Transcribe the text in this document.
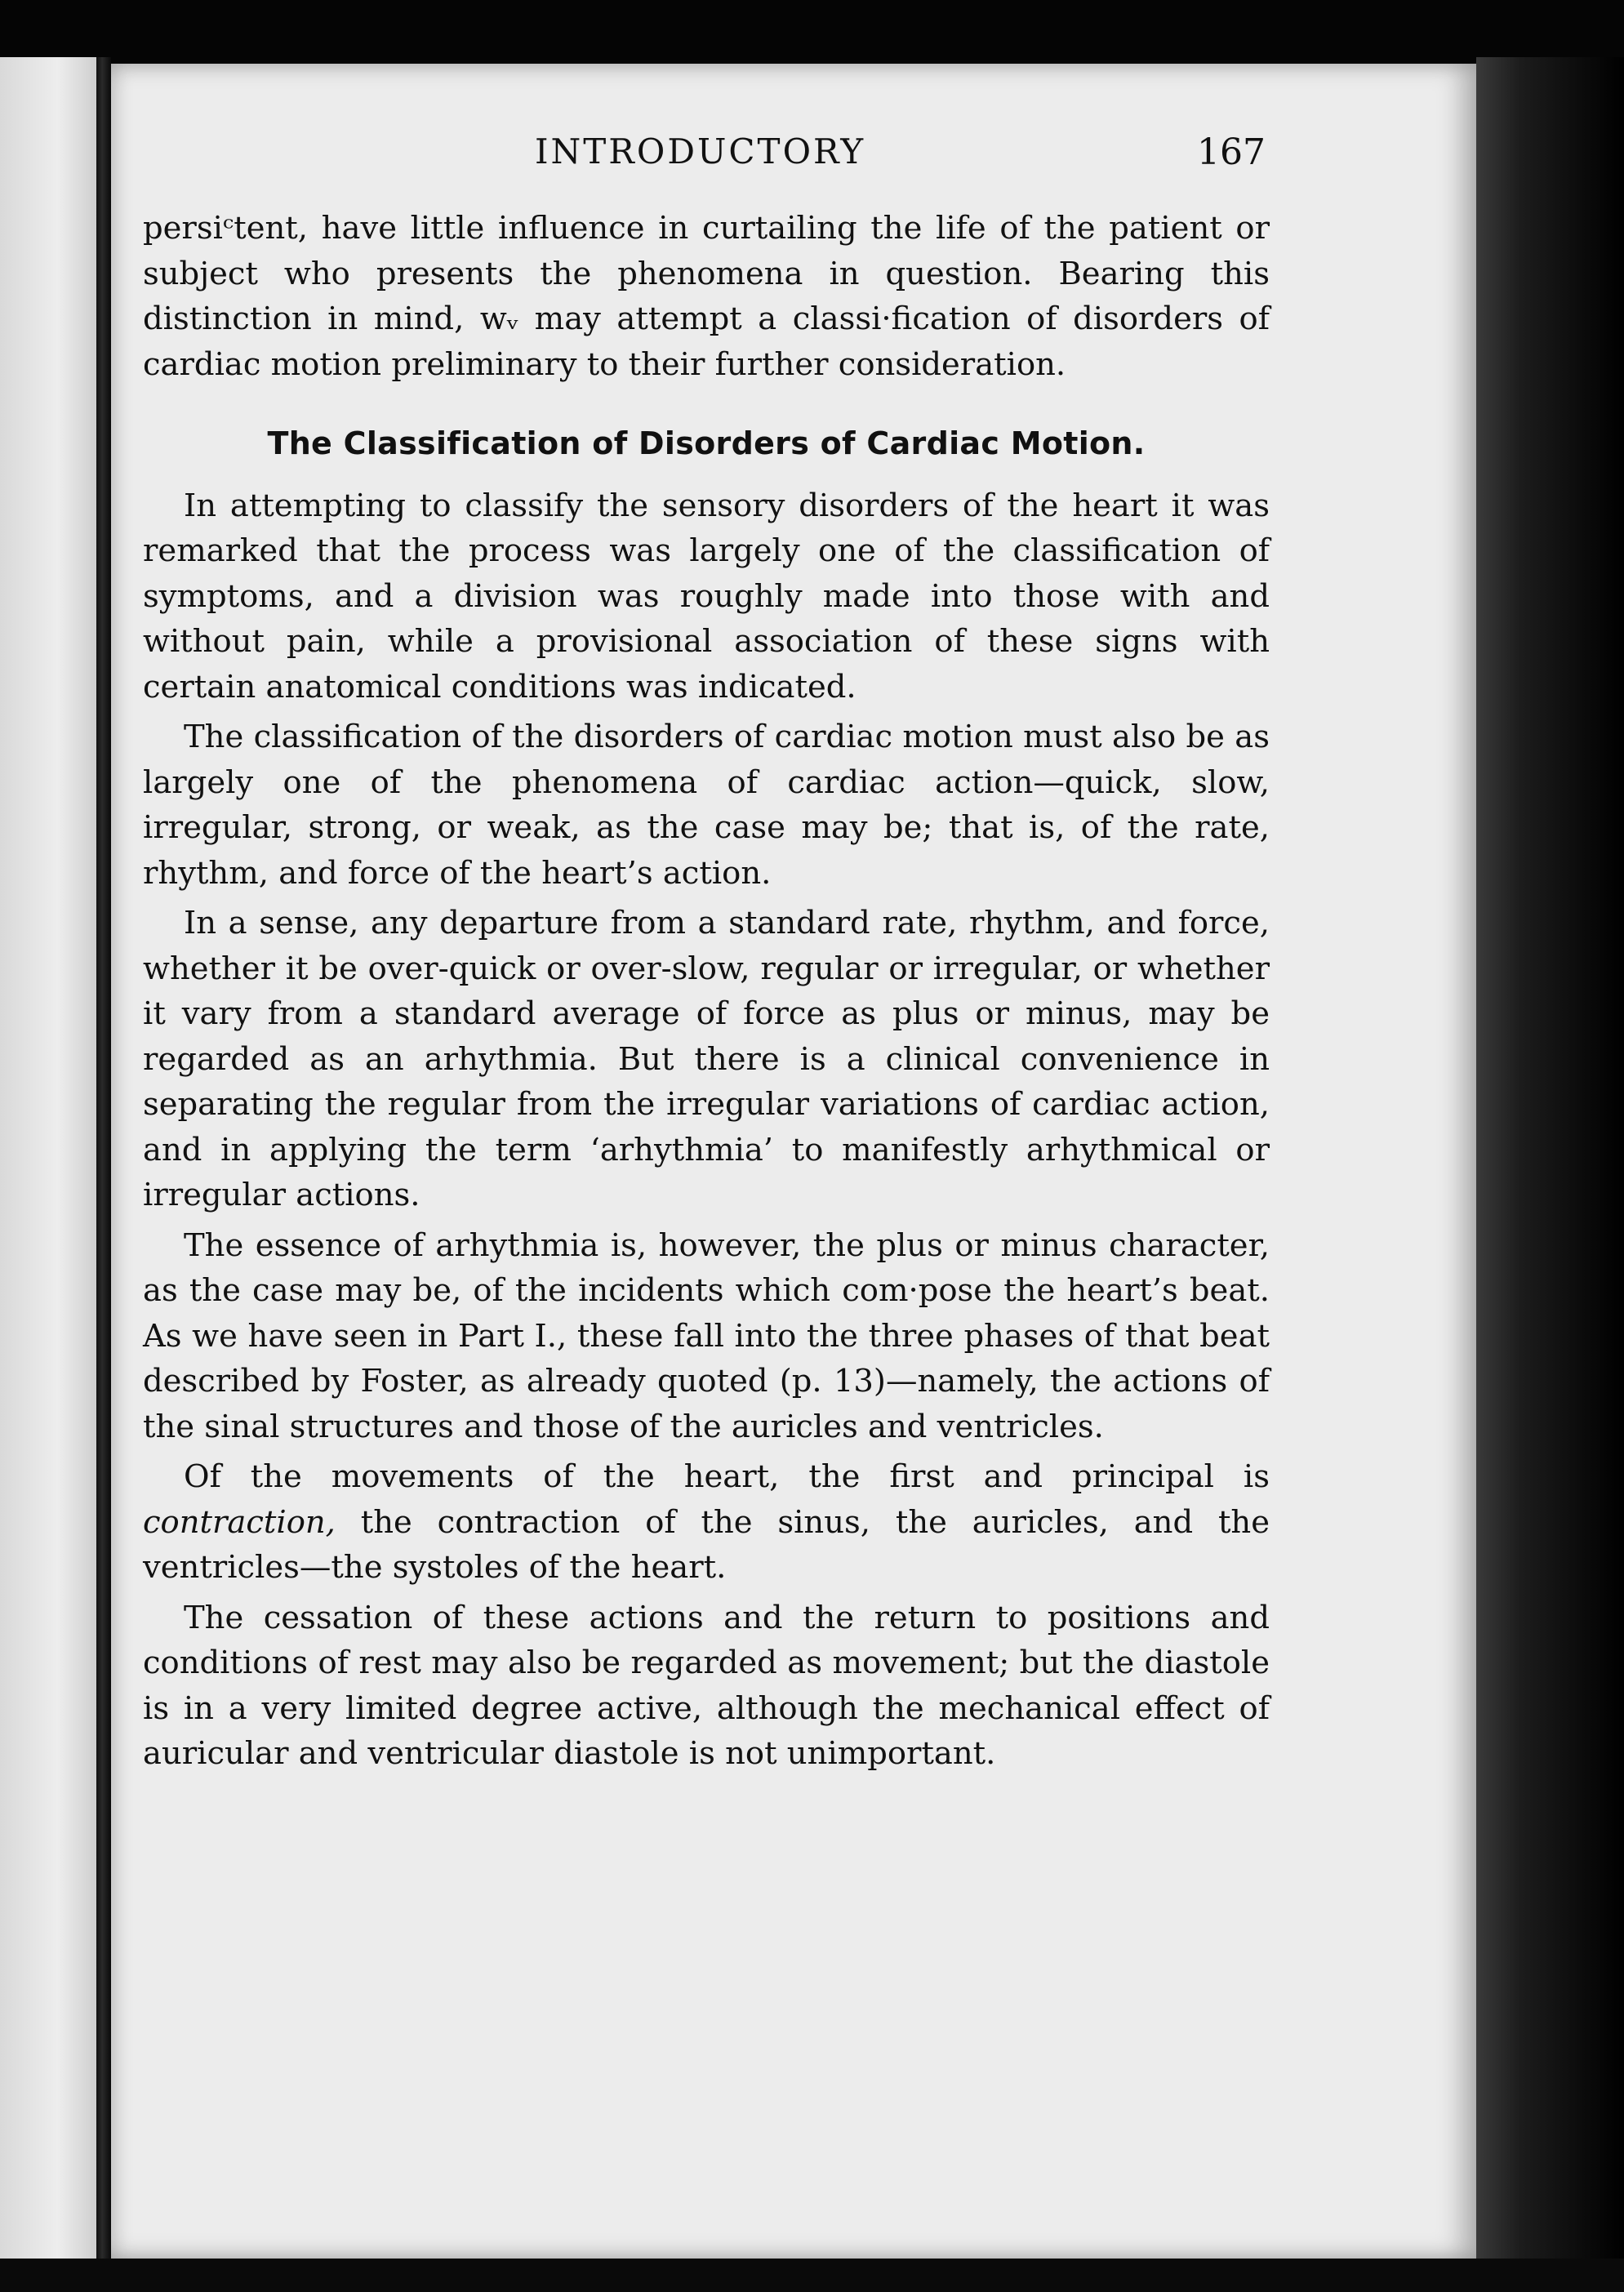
INTRODUCTORY	167

persiᶜtent, have little influence in curtailing the life of the patient or subject who presents the phenomena in question. Bearing this distinction in mind, wᵥ may attempt a classi·fication of disorders of cardiac motion preliminary to their further consideration.

The Classification of Disorders of Cardiac Motion.

In attempting to classify the sensory disorders of the heart it was remarked that the process was largely one of the classification of symptoms, and a division was roughly made into those with and without pain, while a provisional association of these signs with certain anatomical conditions was indicated.

The classification of the disorders of cardiac motion must also be as largely one of the phenomena of cardiac action—quick, slow, irregular, strong, or weak, as the case may be; that is, of the rate, rhythm, and force of the heart’s action.

In a sense, any departure from a standard rate, rhythm, and force, whether it be over-quick or over-slow, regular or irregular, or whether it vary from a standard average of force as plus or minus, may be regarded as an arhythmia. But there is a clinical convenience in separating the regular from the irregular variations of cardiac action, and in applying the term ‘arhythmia’ to manifestly arhythmical or irregular actions.

The essence of arhythmia is, however, the plus or minus character, as the case may be, of the incidents which com·pose the heart’s beat. As we have seen in Part I., these fall into the three phases of that beat described by Foster, as already quoted (p. 13)—namely, the actions of the sinal structures and those of the auricles and ventricles.

Of the movements of the heart, the first and principal is contraction, the contraction of the sinus, the auricles, and the ventricles—the systoles of the heart.

The cessation of these actions and the return to positions and conditions of rest may also be regarded as movement; but the diastole is in a very limited degree active, although the mechanical effect of auricular and ventricular diastole is not unimportant.
